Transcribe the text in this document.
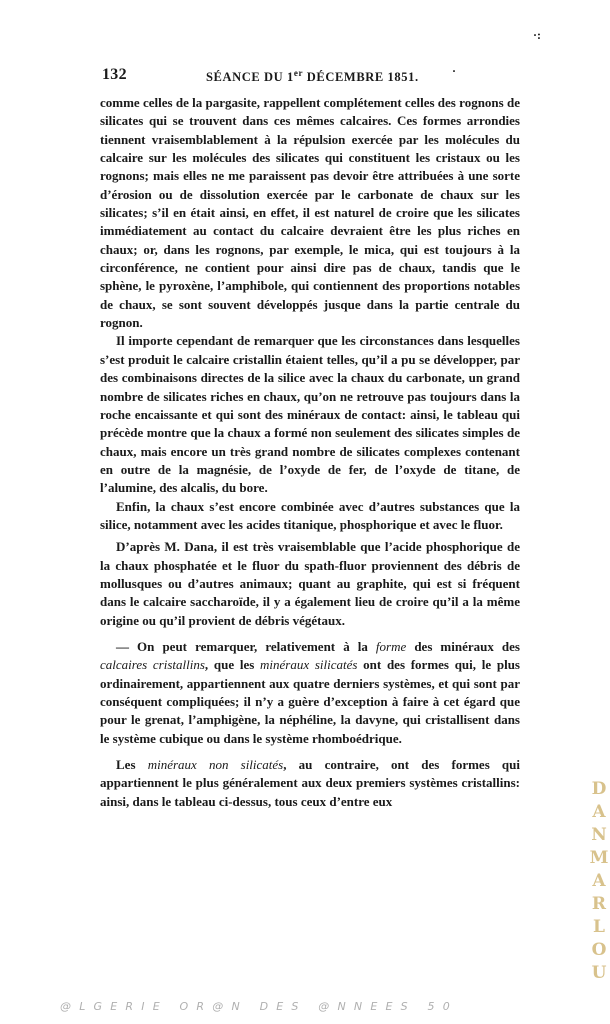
·:
132	SÉANCE DU 1er DÉCEMBRE 1851.	·

comme celles de la pargasite, rappellent complétement celles des rognons de silicates qui se trouvent dans ces mêmes calcaires. Ces formes arrondies tiennent vraisemblablement à la répulsion exercée par les molécules du calcaire sur les molécules des silicates qui constituent les cristaux ou les rognons; mais elles ne me paraissent pas devoir être attribuées à une sorte d’érosion ou de dissolution exercée par le carbonate de chaux sur les silicates; s’il en était ainsi, en effet, il est naturel de croire que les silicates immédiatement au contact du calcaire devraient être les plus riches en chaux; or, dans les rognons, par exemple, le mica, qui est toujours à la circonférence, ne contient pour ainsi dire pas de chaux, tandis que le sphène, le pyroxène, l’amphibole, qui contiennent des proportions notables de chaux, se sont souvent développés jusque dans la partie centrale du rognon.

Il importe cependant de remarquer que les circonstances dans lesquelles s’est produit le calcaire cristallin étaient telles, qu’il a pu se développer, par des combinaisons directes de la silice avec la chaux du carbonate, un grand nombre de silicates riches en chaux, qu’on ne retrouve pas toujours dans la roche encaissante et qui sont des minéraux de contact: ainsi, le tableau qui précède montre que la chaux a formé non seulement des silicates simples de chaux, mais encore un très grand nombre de silicates complexes contenant en outre de la magnésie, de l’oxyde de fer, de l’oxyde de titane, de l’alumine, des alcalis, du bore.

Enfin, la chaux s’est encore combinée avec d’autres substances que la silice, notamment avec les acides titanique, phosphorique et avec le fluor.

D’après M. Dana, il est très vraisemblable que l’acide phosphorique de la chaux phosphatée et le fluor du spath-fluor proviennent des débris de mollusques ou d’autres animaux; quant au graphite, qui est si fréquent dans le calcaire saccharoïde, il y a également lieu de croire qu’il a la même origine ou qu’il provient de débris végétaux.

— On peut remarquer, relativement à la forme des minéraux des calcaires cristallins, que les minéraux silicatés ont des formes qui, le plus ordinairement, appartiennent aux quatre derniers systèmes, et qui sont par conséquent compliquées; il n’y a guère d’exception à faire à cet égard que pour le grenat, l’amphigène, la néphéline, la davyne, qui cristallisent dans le système cubique ou dans le système rhomboédrique.

Les minéraux non silicatés, au contraire, ont des formes qui appartiennent le plus généralement aux deux premiers systèmes cristallins: ainsi, dans le tableau ci-dessus, tous ceux d’entre eux

DANMARLOU
@LGERIE OR@N DES @NNEES 50
